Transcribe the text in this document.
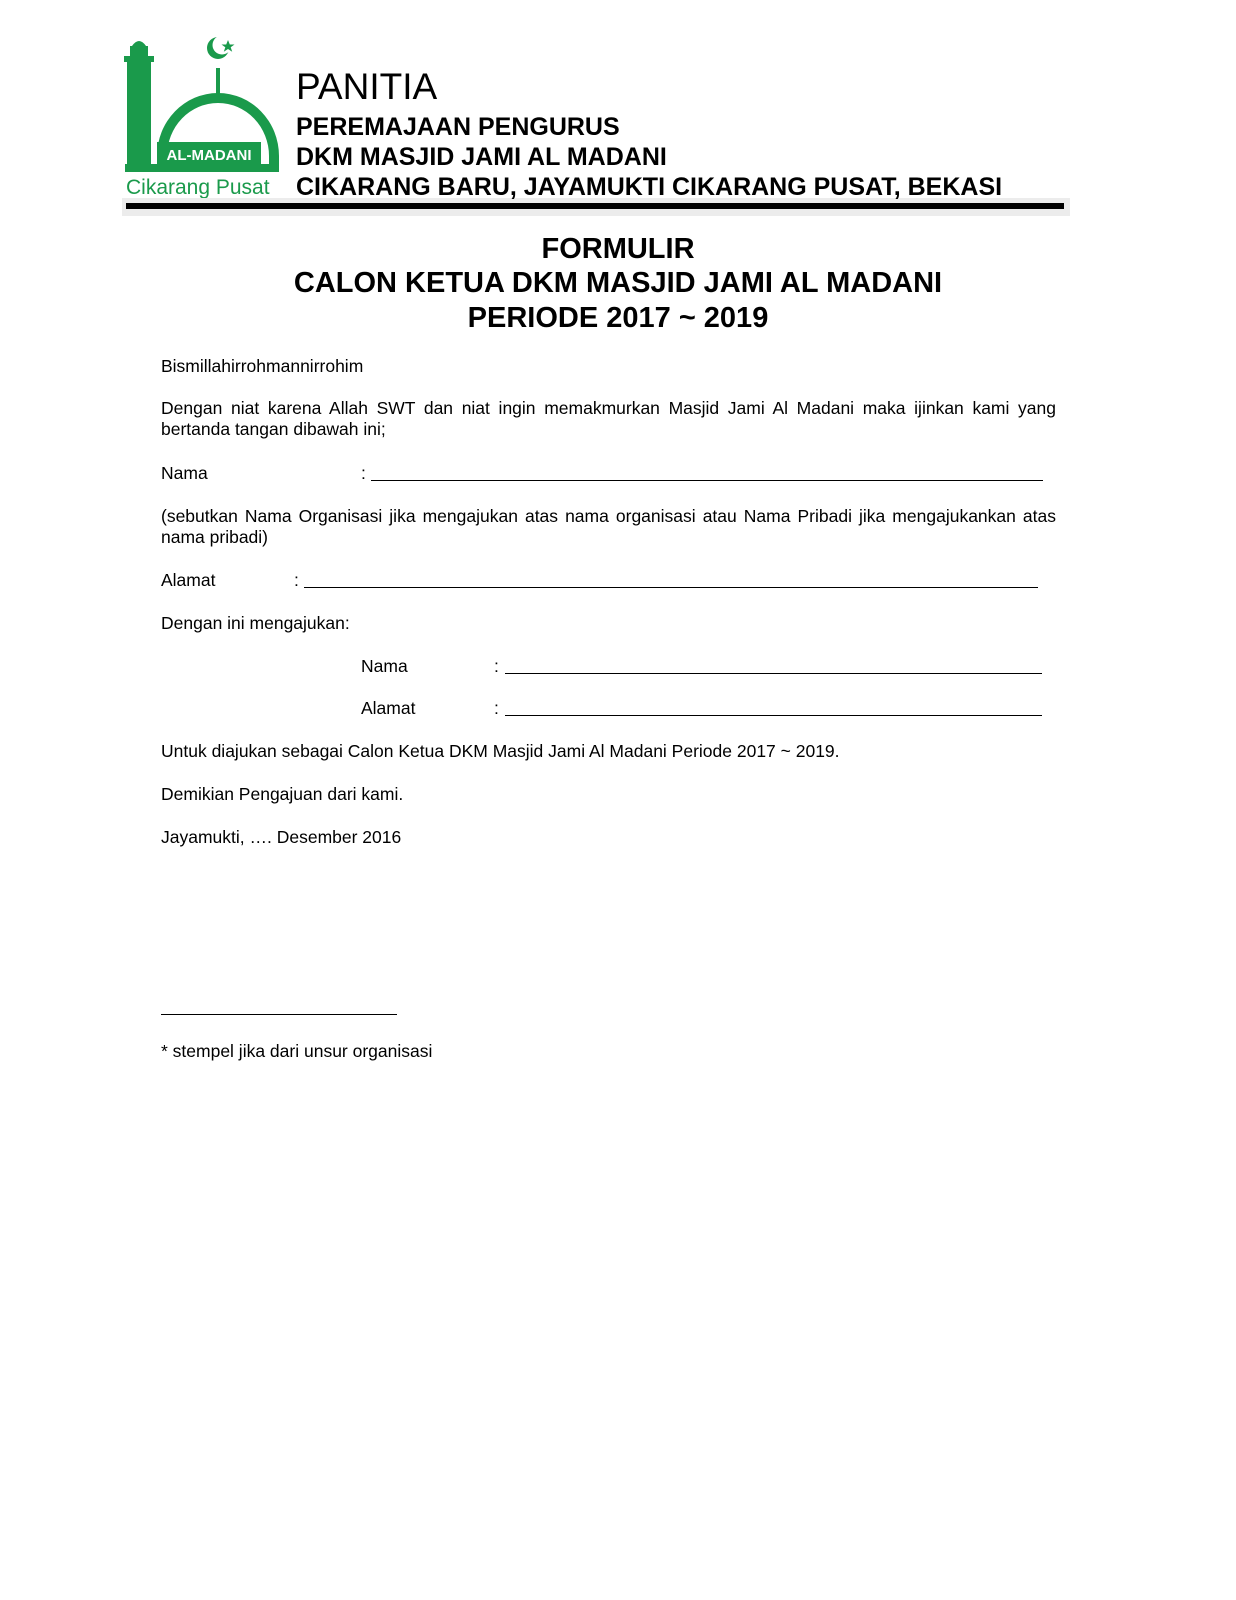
AL-MADANI
Cikarang Pusat
PANITIA
PEREMAJAAN PENGURUS
DKM MASJID JAMI AL MADANI
CIKARANG BARU, JAYAMUKTI CIKARANG PUSAT, BEKASI
FORMULIR
CALON KETUA DKM MASJID JAMI AL MADANI
PERIODE 2017 ~ 2019
Bismillahirrohmannirrohim
Dengan niat karena Allah SWT dan niat ingin memakmurkan Masjid Jami Al Madani maka ijinkan kami yang bertanda tangan dibawah ini;
Nama	:
(sebutkan Nama Organisasi jika mengajukan atas nama organisasi atau Nama Pribadi jika mengajukankan atas nama pribadi)
Alamat	:
Dengan ini mengajukan:
Nama	:
Alamat	:
Untuk diajukan sebagai Calon Ketua DKM Masjid Jami Al Madani Periode 2017 ~ 2019.
Demikian Pengajuan dari kami.
Jayamukti, …. Desember 2016
* stempel jika dari unsur organisasi
